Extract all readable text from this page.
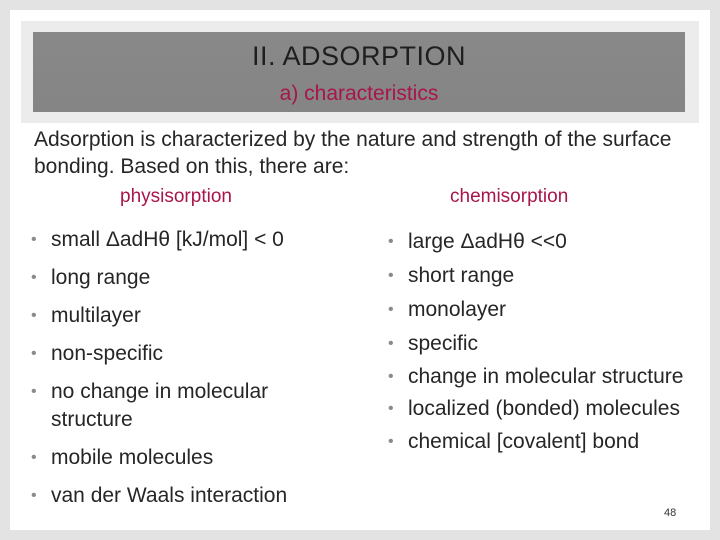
II. ADSORPTION
a) characteristics
Adsorption is characterized by the nature and strength of the surface bonding. Based on this, there are:
physisorption	chemisorption
• small ΔadHθ [kJ/mol] < 0
• long range
• multilayer
• non-specific
• no change in molecular structure
• mobile molecules
• van der Waals interaction
• large ΔadHθ <<0
• short range
• monolayer
• specific
• change in molecular structure
• localized (bonded) molecules
• chemical [covalent] bond
48
